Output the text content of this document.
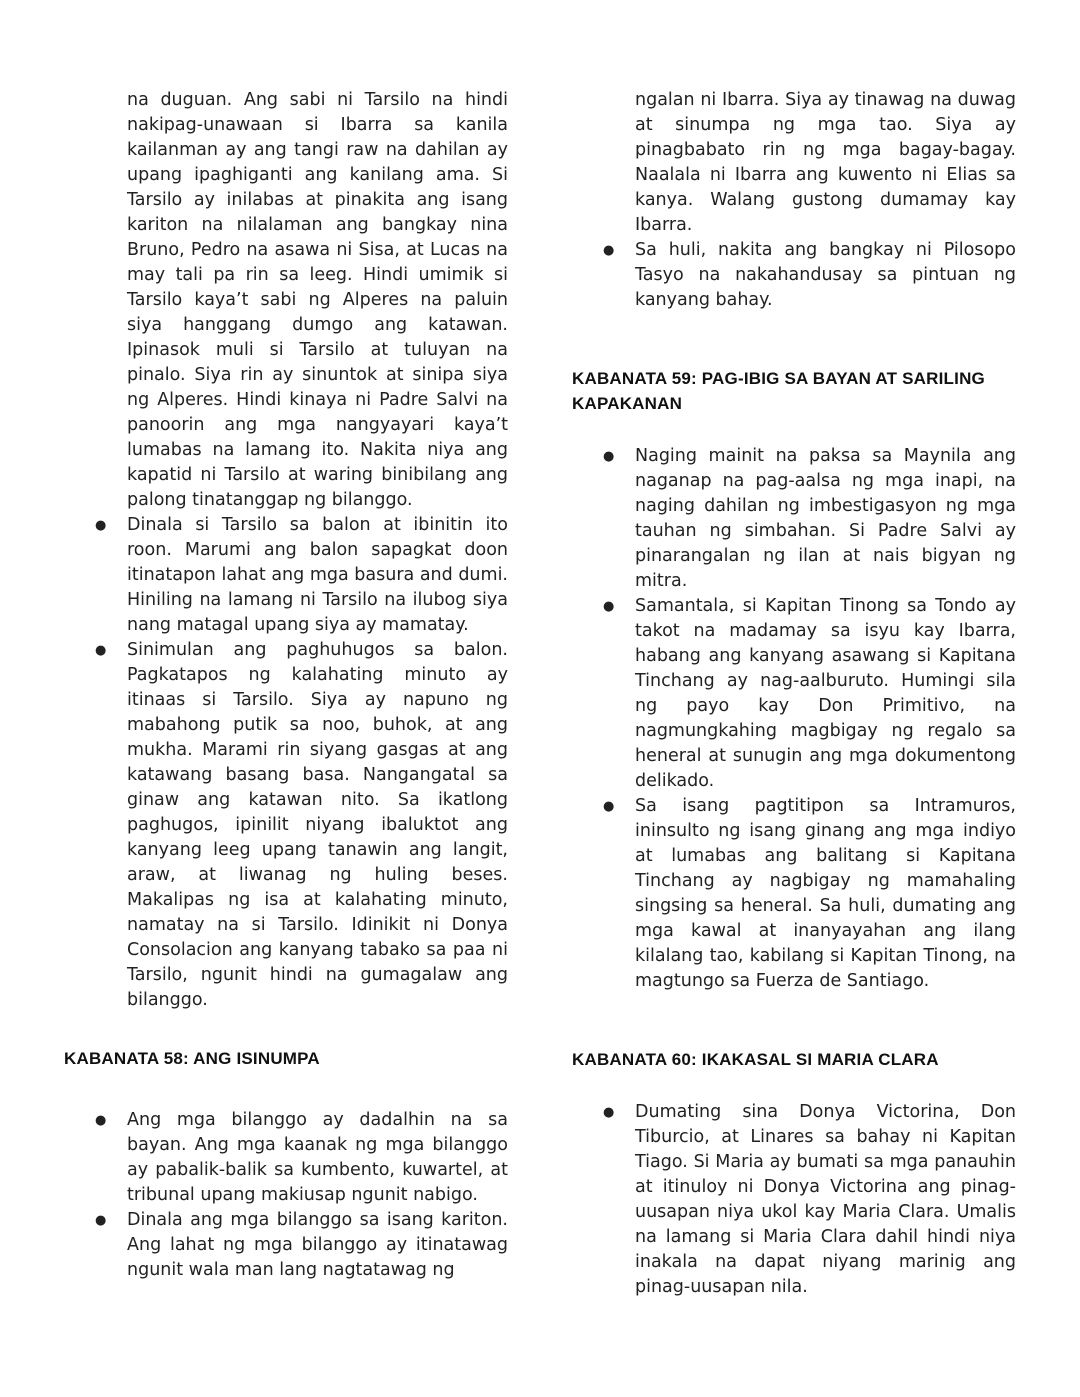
na duguan. Ang sabi ni Tarsilo na hindi nakipag-unawaan si Ibarra sa kanila kailanman ay ang tangi raw na dahilan ay upang ipaghiganti ang kanilang ama. Si Tarsilo ay inilabas at pinakita ang isang kariton na nilalaman ang bangkay nina Bruno, Pedro na asawa ni Sisa, at Lucas na may tali pa rin sa leeg. Hindi umimik si Tarsilo kaya’t sabi ng Alperes na paluin siya hanggang dumgo ang katawan. Ipinasok muli si Tarsilo at tuluyan na pinalo. Siya rin ay sinuntok at sinipa siya ng Alperes. Hindi kinaya ni Padre Salvi na panoorin ang mga nangyayari kaya’t lumabas na lamang ito. Nakita niya ang kapatid ni Tarsilo at waring binibilang ang palong tinatanggap ng bilanggo.

● Dinala si Tarsilo sa balon at ibinitin ito roon. Marumi ang balon sapagkat doon itinatapon lahat ang mga basura and dumi. Hiniling na lamang ni Tarsilo na ilubog siya nang matagal upang siya ay mamatay.
● Sinimulan ang paghuhugos sa balon. Pagkatapos ng kalahating minuto ay itinaas si Tarsilo. Siya ay napuno ng mabahong putik sa noo, buhok, at ang mukha. Marami rin siyang gasgas at ang katawang basang basa. Nangangatal sa ginaw ang katawan nito. Sa ikatlong paghugos, ipinilit niyang ibaluktot ang kanyang leeg upang tanawin ang langit, araw, at liwanag ng huling beses. Makalipas ng isa at kalahating minuto, namatay na si Tarsilo. Idinikit ni Donya Consolacion ang kanyang tabako sa paa ni Tarsilo, ngunit hindi na gumagalaw ang bilanggo.
KABANATA 58: ANG ISINUMPA
● Ang mga bilanggo ay dadalhin na sa bayan. Ang mga kaanak ng mga bilanggo ay pabalik-balik sa kumbento, kuwartel, at tribunal upang makiusap ngunit nabigo.
● Dinala ang mga bilanggo sa isang kariton. Ang lahat ng mga bilanggo ay itinatawag ngunit wala man lang nagtatawag ng

ngalan ni Ibarra. Siya ay tinawag na duwag at sinumpa ng mga tao. Siya ay pinagbabato rin ng mga bagay-bagay. Naalala ni Ibarra ang kuwento ni Elias sa kanya. Walang gustong dumamay kay Ibarra.

● Sa huli, nakita ang bangkay ni Pilosopo Tasyo na nakahandusay sa pintuan ng kanyang bahay.
KABANATA 59: PAG-IBIG SA BAYAN AT SARILING KAPAKANAN
● Naging mainit na paksa sa Maynila ang naganap na pag-aalsa ng mga inapi, na naging dahilan ng imbestigasyon ng mga tauhan ng simbahan. Si Padre Salvi ay pinarangalan ng ilan at nais bigyan ng mitra.
● Samantala, si Kapitan Tinong sa Tondo ay takot na madamay sa isyu kay Ibarra, habang ang kanyang asawang si Kapitana Tinchang ay nag-aalburuto. Humingi sila ng payo kay Don Primitivo, na nagmungkahing magbigay ng regalo sa heneral at sunugin ang mga dokumentong delikado.
● Sa isang pagtitipon sa Intramuros, ininsulto ng isang ginang ang mga indiyo at lumabas ang balitang si Kapitana Tinchang ay nagbigay ng mamahaling singsing sa heneral. Sa huli, dumating ang mga kawal at inanyayahan ang ilang kilalang tao, kabilang si Kapitan Tinong, na magtungo sa Fuerza de Santiago.
KABANATA 60: IKAKASAL SI MARIA CLARA
● Dumating sina Donya Victorina, Don Tiburcio, at Linares sa bahay ni Kapitan Tiago. Si Maria ay bumati sa mga panauhin at itinuloy ni Donya Victorina ang pinag-uusapan niya ukol kay Maria Clara. Umalis na lamang si Maria Clara dahil hindi niya inakala na dapat niyang marinig ang pinag-uusapan nila.
